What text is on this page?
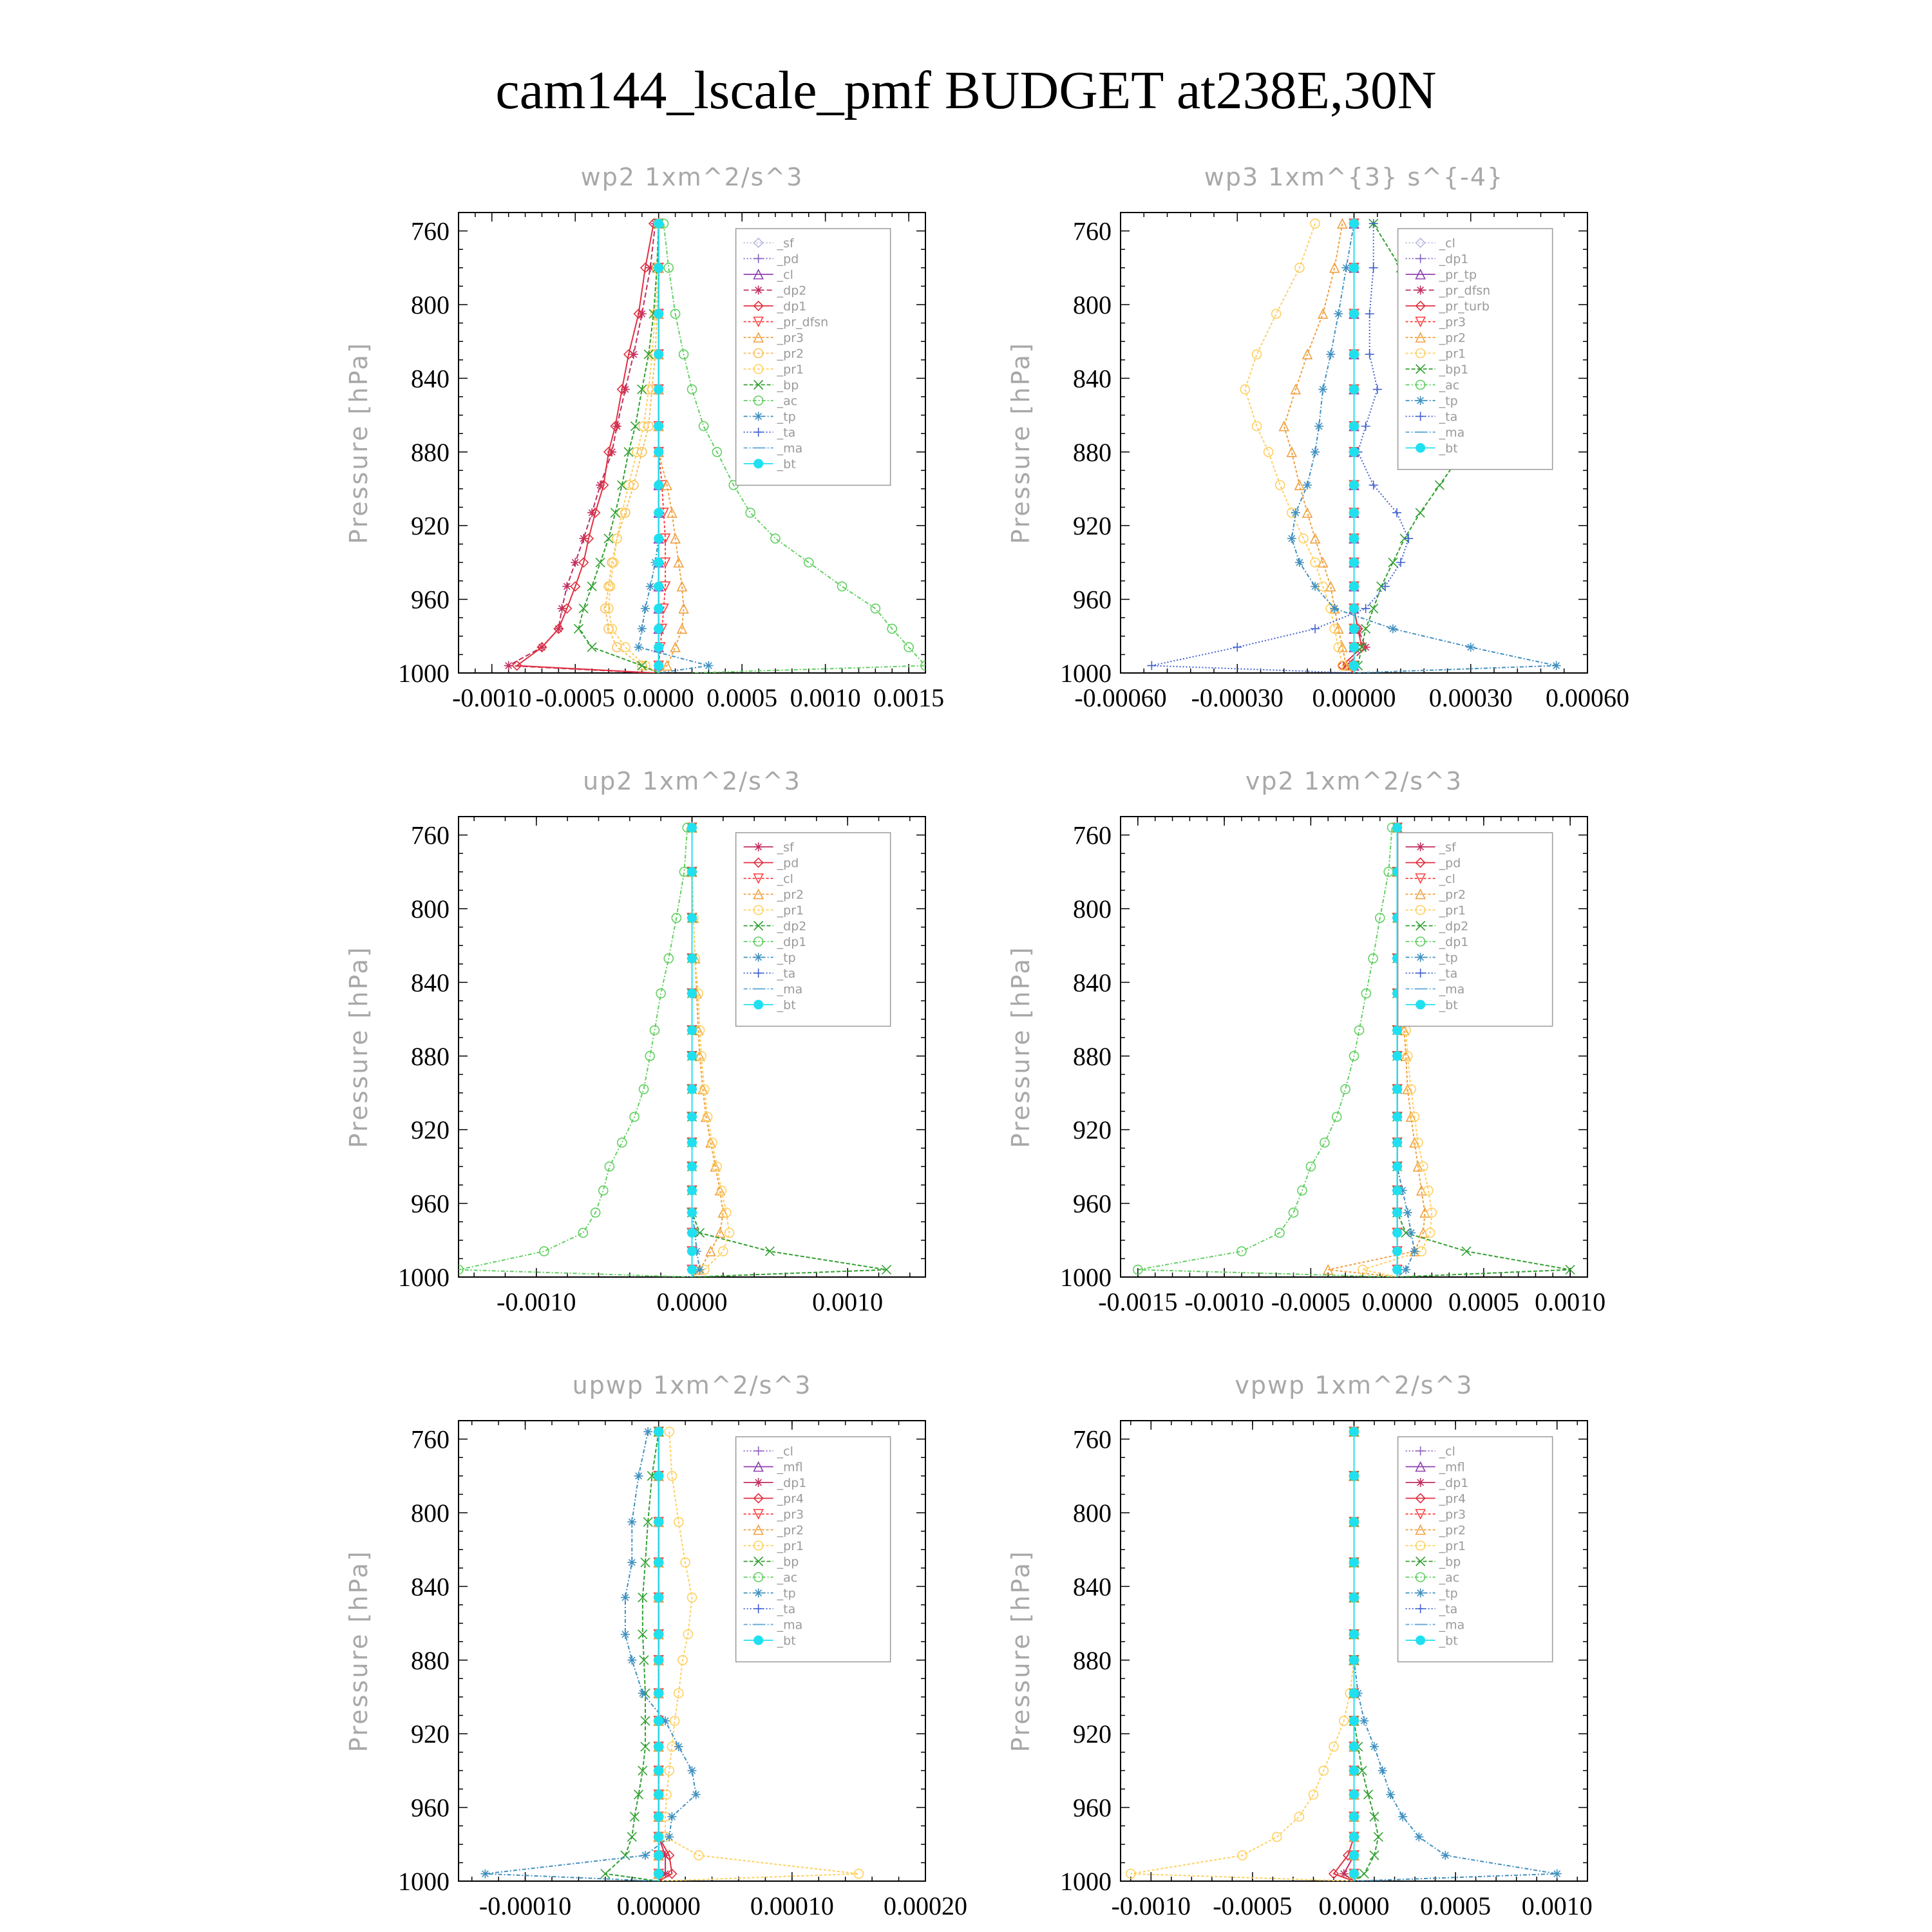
cam144_lscale_pmf BUDGET at238E,30N
wp2 1xm^2/s^3
Pressure [hPa]
760
800
840
880
920
960
1000
-0.0010 -0.0005 0.0000 0.0005 0.0010 0.0015
_sf
_pd
_cl
_dp2
_dp1
_pr_dfsn
_pr3
_pr2
_pr1
_bp
_ac
_tp
_ta
_ma
_bt
wp3 1xm^{3} s^{-4}
Pressure [hPa]
760
800
840
880
920
960
1000
-0.00060 -0.00030 0.00000 0.00030 0.00060
_cl
_dp1
_pr_tp
_pr_dfsn
_pr_turb
_pr3
_pr2
_pr1
_bp1
_ac
_tp
_ta
_ma
_bt
up2 1xm^2/s^3
Pressure [hPa]
760
800
840
880
920
960
1000
-0.0010	0.0000	0.0010
_sf
_pd
_cl
_pr2
_pr1
_dp2
_dp1
_tp
_ta
_ma
_bt
vp2 1xm^2/s^3
Pressure [hPa]
760
800
840
880
920
960
1000
-0.0015 -0.0010 -0.0005 0.0000 0.0005 0.0010
_sf
_pd
_cl
_pr2
_pr1
_dp2
_dp1
_tp
_ta
_ma
_bt
upwp 1xm^2/s^3
Pressure [hPa]
760
800
840
880
920
960
1000
-0.00010 0.00000 0.00010 0.00020
_cl
_mfl
_dp1
_pr4
_pr3
_pr2
_pr1
_bp
_ac
_tp
_ta
_ma
_bt
vpwp 1xm^2/s^3
Pressure [hPa]
760
800
840
880
920
960
1000
-0.0010 -0.0005 0.0000 0.0005 0.0010
_cl
_mfl
_dp1
_pr4
_pr3
_pr2
_pr1
_bp
_ac
_tp
_ta
_ma
_bt
